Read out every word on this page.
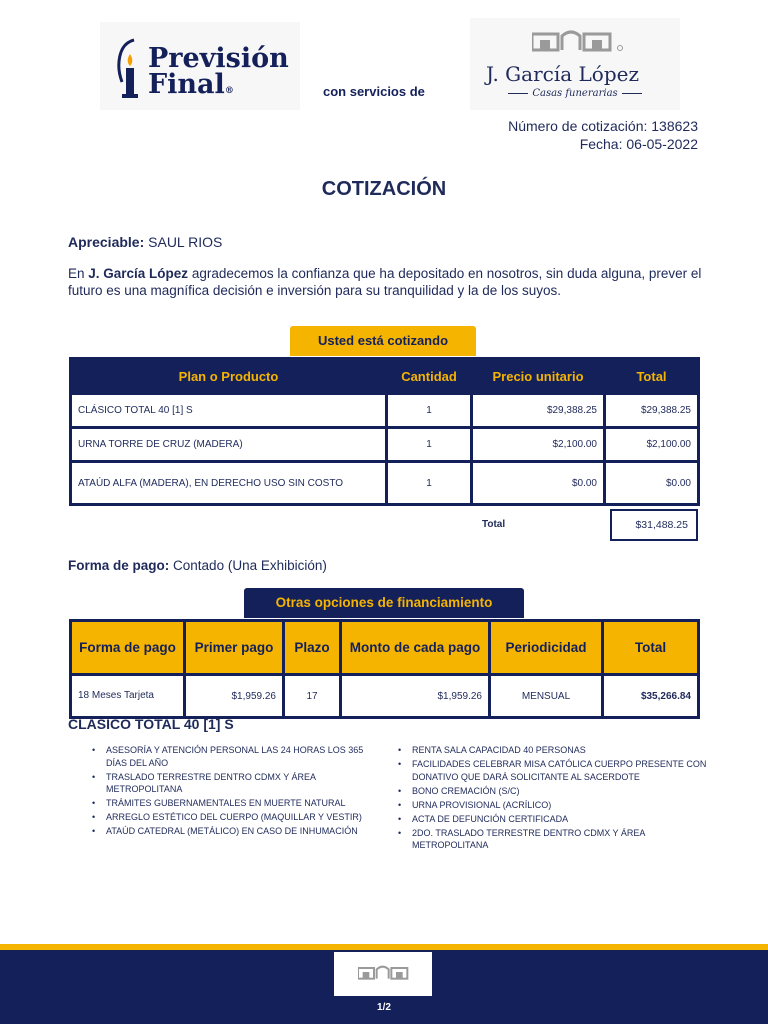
Previsión
Final®	con servicios de
J. García López
Casas funerarias
Número de cotización: 138623
Fecha: 06-05-2022
COTIZACIÓN
Apreciable: SAUL RIOS
En J. García López agradecemos la confianza que ha depositado en nosotros, sin duda alguna, prever el futuro es una magnífica decisión e inversión para su tranquilidad y la de los suyos.
Usted está cotizando
Plan o Producto	Cantidad	Precio unitario	Total
CLÁSICO TOTAL 40 [1] S	1	$29,388.25	$29,388.25
URNA TORRE DE CRUZ (MADERA)	1	$2,100.00	$2,100.00
ATAÚD ALFA (MADERA), EN DERECHO USO SIN COSTO	1	$0.00	$0.00
Total	$31,488.25
Forma de pago: Contado (Una Exhibición)
Otras opciones de financiamiento
Forma de pago	Primer pago	Plazo	Monto de cada pago	Periodicidad	Total
18 Meses Tarjeta	$1,959.26	17	$1,959.26	MENSUAL	$35,266.84
CLÁSICO TOTAL 40 [1] S
• ASESORÍA Y ATENCIÓN PERSONAL LAS 24 HORAS LOS 365 DÍAS DEL AÑO
• TRASLADO TERRESTRE DENTRO CDMX Y ÁREA METROPOLITANA
• TRÁMITES GUBERNAMENTALES EN MUERTE NATURAL
• ARREGLO ESTÉTICO DEL CUERPO (MAQUILLAR Y VESTIR)
• ATAÚD CATEDRAL (METÁLICO) EN CASO DE INHUMACIÓN
• RENTA SALA CAPACIDAD 40 PERSONAS
• FACILIDADES CELEBRAR MISA CATÓLICA CUERPO PRESENTE CON DONATIVO QUE DARÁ SOLICITANTE AL SACERDOTE
• BONO CREMACIÓN (S/C)
• URNA PROVISIONAL (ACRÍLICO)
• ACTA DE DEFUNCIÓN CERTIFICADA
• 2DO. TRASLADO TERRESTRE DENTRO CDMX Y ÁREA METROPOLITANA
1/2
